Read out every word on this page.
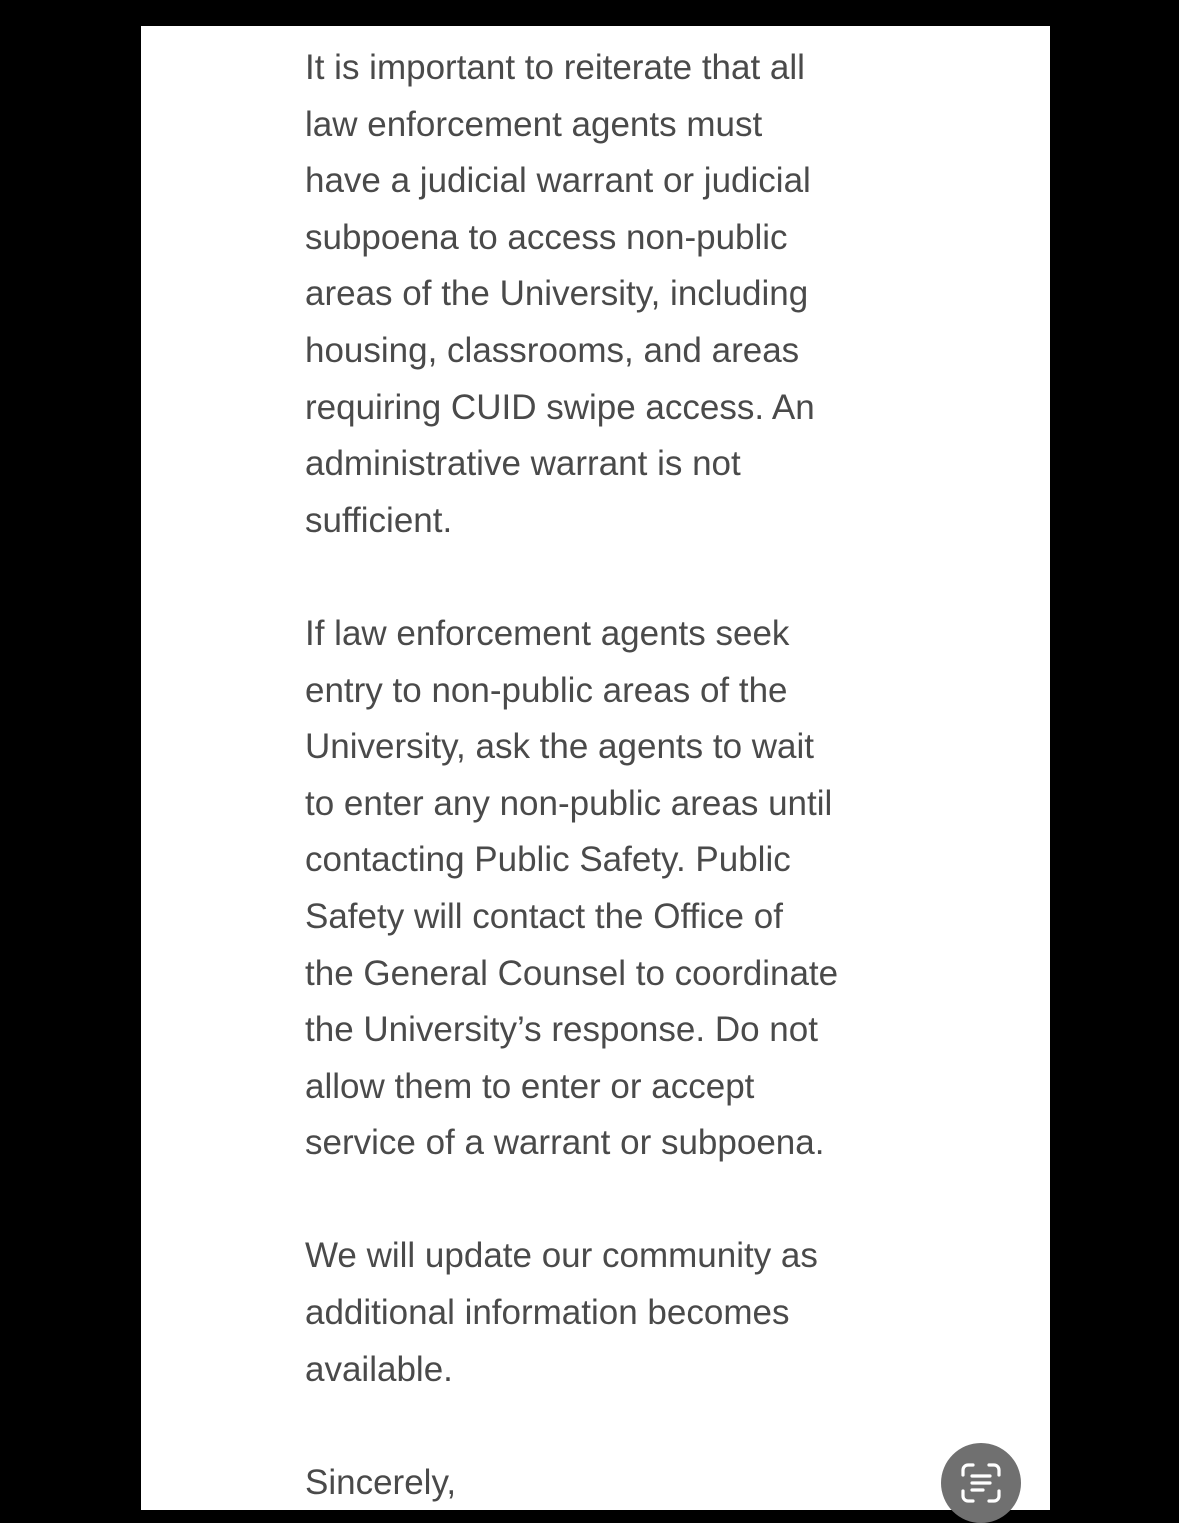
It is important to reiterate that all
law enforcement agents must
have a judicial warrant or judicial
subpoena to access non-public
areas of the University, including
housing, classrooms, and areas
requiring CUID swipe access. An
administrative warrant is not
sufficient.

If law enforcement agents seek
entry to non-public areas of the
University, ask the agents to wait
to enter any non-public areas until
contacting Public Safety. Public
Safety will contact the Office of
the General Counsel to coordinate
the University’s response. Do not
allow them to enter or accept
service of a warrant or subpoena.

We will update our community as
additional information becomes
available.

Sincerely,
